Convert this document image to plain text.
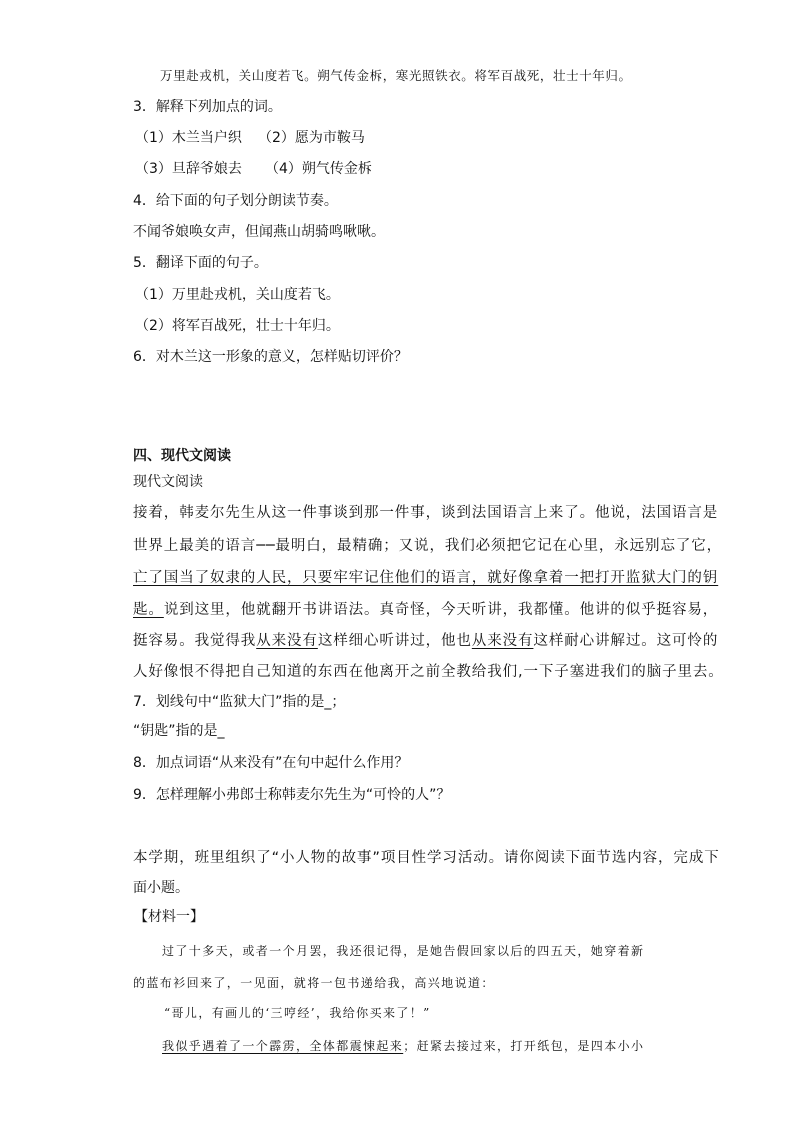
万里赴戎机，关山度若飞。朔气传金柝，寒光照铁衣。将军百战死，壮士十年归。
3．解释下列加点的词。
（1）木兰当户织 （2）愿为市鞍马
（3）旦辞爷娘去 （4）朔气传金柝
4．给下面的句子划分朗读节奏。
不闻爷娘唤女声，但闻燕山胡骑鸣啾啾。
5．翻译下面的句子。
（1）万里赴戎机，关山度若飞。
（2）将军百战死，壮士十年归。
6．对木兰这一形象的意义，怎样贴切评价？
四、现代文阅读
现代文阅读
接着，韩麦尔先生从这一件事谈到那一件事，谈到法国语言上来了。他说，法国语言是
世界上最美的语言──最明白，最精确；又说，我们必须把它记在心里，永远别忘了它，
亡了国当了奴隶的人民，只要牢牢记住他们的语言，就好像拿着一把打开监狱大门的钥
匙。说到这里，他就翻开书讲语法。真奇怪，今天听讲，我都懂。他讲的似乎挺容易，
挺容易。我觉得我从来没有这样细心听讲过，他也从来没有这样耐心讲解过。这可怜的
人好像恨不得把自己知道的东西在他离开之前全教给我们,一下子塞进我们的脑子里去。
7．划线句中“监狱大门”指的是_；
“钥匙”指的是_
8．加点词语“从来没有”在句中起什么作用？
9．怎样理解小弗郎士称韩麦尔先生为“可怜的人”？
本学期，班里组织了“小人物的故事”项目性学习活动。请你阅读下面节选内容，完成下
面小题。
【材料一】
过了十多天，或者一个月罢，我还很记得，是她告假回家以后的四五天，她穿着新
的蓝布衫回来了，一见面，就将一包书递给我，高兴地说道：
“哥儿，有画儿的‘三哼经’，我给你买来了！”
我似乎遇着了一个霹雳，全体都震悚起来；赶紧去接过来，打开纸包，是四本小小
